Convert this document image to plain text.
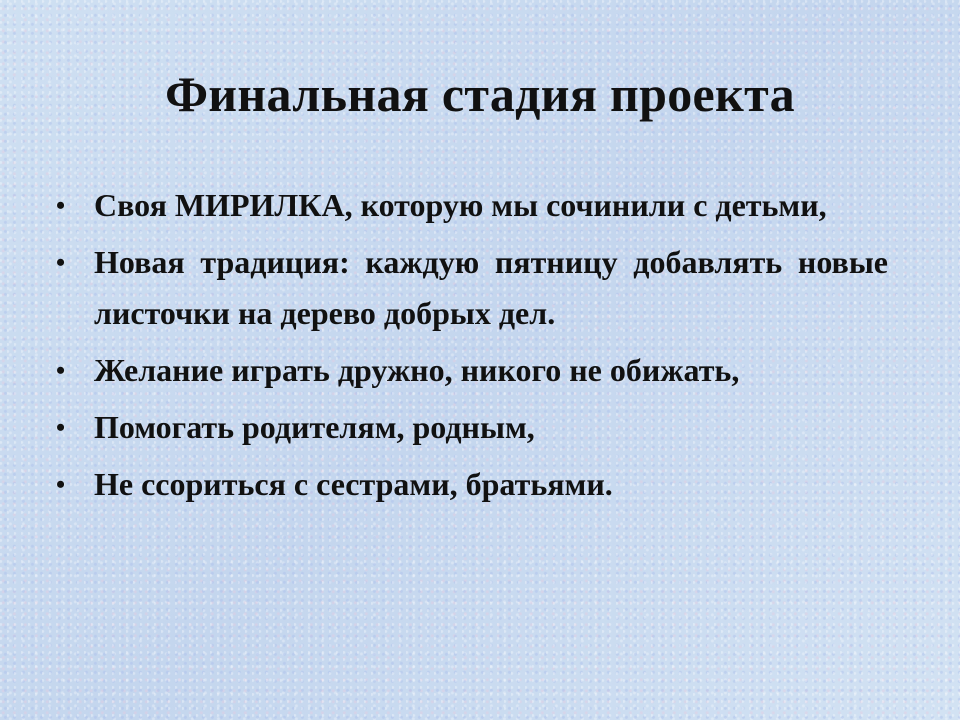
Финальная стадия проекта
• Своя МИРИЛКА, которую мы сочинили с детьми,
• Новая традиция: каждую пятницу добавлять новые листочки на дерево добрых дел.
• Желание играть дружно, никого не обижать,
• Помогать родителям, родным,
• Не ссориться с сестрами, братьями.
